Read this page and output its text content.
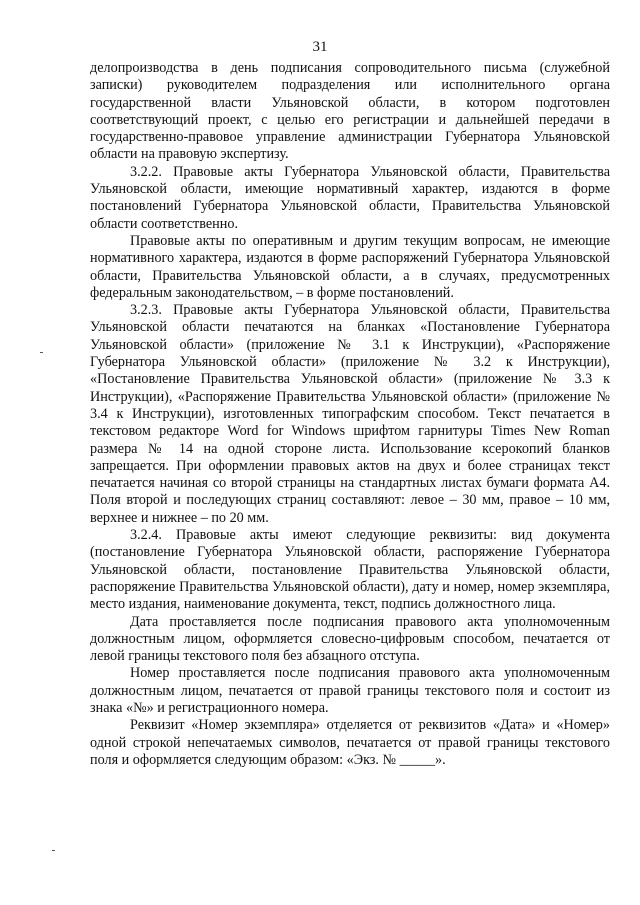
31

делопроизводства в день подписания сопроводительного письма (служебной записки) руководителем подразделения или исполнительного органа государственной власти Ульяновской области, в котором подготовлен соответствующий проект, с целью его регистрации и дальнейшей передачи в государственно-правовое управление администрации Губернатора Ульяновской области на правовую экспертизу.

3.2.2. Правовые акты Губернатора Ульяновской области, Правительства Ульяновской области, имеющие нормативный характер, издаются в форме постановлений Губернатора Ульяновской области, Правительства Ульяновской области соответственно.

Правовые акты по оперативным и другим текущим вопросам, не имеющие нормативного характера, издаются в форме распоряжений Губернатора Ульяновской области, Правительства Ульяновской области, а в случаях, предусмотренных федеральным законодательством, – в форме постановлений.

3.2.3. Правовые акты Губернатора Ульяновской области, Правительства Ульяновской области печатаются на бланках «Постановление Губернатора Ульяновской области» (приложение № 3.1 к Инструкции), «Распоряжение Губернатора Ульяновской области» (приложение № 3.2 к Инструкции), «Постановление Правительства Ульяновской области» (приложение № 3.3 к Инструкции), «Распоряжение Правительства Ульяновской области» (приложение № 3.4 к Инструкции), изготовленных типографским способом. Текст печатается в текстовом редакторе Word for Windows шрифтом гарнитуры Times New Roman размера № 14 на одной стороне листа. Использование ксерокопий бланков запрещается. При оформлении правовых актов на двух и более страницах текст печатается начиная со второй страницы на стандартных листах бумаги формата А4. Поля второй и последующих страниц составляют: левое – 30 мм, правое – 10 мм, верхнее и нижнее – по 20 мм.

3.2.4. Правовые акты имеют следующие реквизиты: вид документа (постановление Губернатора Ульяновской области, распоряжение Губернатора Ульяновской области, постановление Правительства Ульяновской области, распоряжение Правительства Ульяновской области), дату и номер, номер экземпляра, место издания, наименование документа, текст, подпись должностного лица.

Дата проставляется после подписания правового акта уполномоченным должностным лицом, оформляется словесно-цифровым способом, печатается от левой границы текстового поля без абзацного отступа.

Номер проставляется после подписания правового акта уполномоченным должностным лицом, печатается от правой границы текстового поля и состоит из знака «№» и регистрационного номера.

Реквизит «Номер экземпляра» отделяется от реквизитов «Дата» и «Номер» одной строкой непечатаемых символов, печатается от правой границы текстового поля и оформляется следующим образом: «Экз. № _____».
